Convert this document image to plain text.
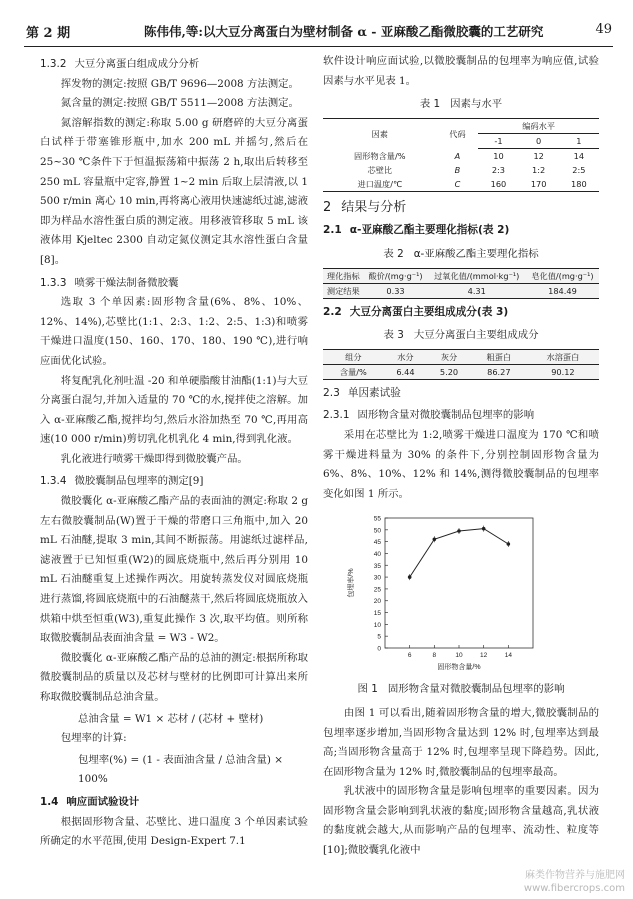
第 2 期	陈伟伟,等:以大豆分离蛋白为壁材制备 α - 亚麻酸乙酯微胶囊的工艺研究	49
1.3.2 大豆分离蛋白组成成分分析

挥发物的测定:按照 GB/T 9696—2008 方法测定。

氮含量的测定:按照 GB/T 5511—2008 方法测定。

氮溶解指数的测定:称取 5.00 g 研磨碎的大豆分离蛋白试样于带塞锥形瓶中,加水 200 mL 并摇匀,然后在 25~30 ℃条件下于恒温振荡箱中振荡 2 h,取出后转移至 250 mL 容量瓶中定容,静置 1~2 min 后取上层清液,以 1 500 r/min 离心 10 min,再将离心液用快速滤纸过滤,滤液即为样品水溶性蛋白质的测定液。用移液管移取 5 mL 该液体用 Kjeltec 2300 自动定氮仪测定其水溶性蛋白含量[8]。

1.3.3 喷雾干燥法制备微胶囊

选取 3 个单因素:固形物含量(6%、8%、10%、12%、14%),芯壁比(1:1、2:3、1:2、2:5、1:3)和喷雾干燥进口温度(150、160、170、180、190 ℃),进行响应面优化试验。

将复配乳化剂吐温 -20 和单硬脂酸甘油酯(1:1)与大豆分离蛋白混匀,并加入适量的 70 ℃的水,搅拌使之溶解。加入 α-亚麻酸乙酯,搅拌均匀,然后水浴加热至 70 ℃,再用高速(10 000 r/min)剪切乳化机乳化 4 min,得到乳化液。

乳化液进行喷雾干燥即得到微胶囊产品。

1.3.4 微胶囊制品包埋率的测定[9]

微胶囊化 α-亚麻酸乙酯产品的表面油的测定:称取 2 g 左右微胶囊制品(W)置于干燥的带磨口三角瓶中,加入 20 mL 石油醚,提取 3 min,其间不断振荡。用滤纸过滤样品,滤液置于已知恒重(W2)的圆底烧瓶中,然后再分别用 10 mL 石油醚重复上述操作两次。用旋转蒸发仪对圆底烧瓶进行蒸馏,将圆底烧瓶中的石油醚蒸干,然后将圆底烧瓶放入烘箱中烘至恒重(W3),重复此操作 3 次,取平均值。则所称取微胶囊制品表面油含量 = W3 - W2。

微胶囊化 α-亚麻酸乙酯产品的总油的测定:根据所称取微胶囊制品的质量以及芯材与壁材的比例即可计算出来所称取微胶囊制品总油含量。

总油含量 = W1 × 芯材 / (芯材 + 壁材)

包埋率的计算:

包埋率(%) = (1 - 表面油含量 / 总油含量) × 100%
1.4 响应面试验设计

根据固形物含量、芯壁比、进口温度 3 个单因素试验所确定的水平范围,使用 Design-Expert 7.1

软件设计响应面试验,以微胶囊制品的包埋率为响应值,试验因素与水平见表 1。

表 1 因素与水平
因素	代码	编码水平		
		-1	0	1
固形物含量/%	A	10	12	14
芯壁比	B	2:3	1:2	2:5
进口温度/℃	C	160	170	180
2 结果与分析
2.1 α-亚麻酸乙酯主要理化指标(表 2)
表 2 α-亚麻酸乙酯主要理化指标
理化指标	酸价/(mg·g⁻¹)	过氧化值/(mmol·kg⁻¹)	皂化值/(mg·g⁻¹)
测定结果	0.33	4.31	184.49
2.2 大豆分离蛋白主要组成成分(表 3)
表 3 大豆分离蛋白主要组成成分
组分	水分	灰分	粗蛋白	水溶蛋白
含量/%	6.44	5.20	86.27	90.12
2.3 单因素试验
2.3.1 固形物含量对微胶囊制品包埋率的影响

采用在芯壁比为 1:2,喷雾干燥进口温度为 170 ℃和喷雾干燥进料量为 30% 的条件下,分别控制固形物含量为 6%、8%、10%、12% 和 14%,测得微胶囊制品的包埋率变化如图 1 所示。

0
5
10
15
20
25
30
35
40
45
50
55
6	8	10	12	14
固形物含量/%
包埋率/%
图 1 固形物含量对微胶囊制品包埋率的影响

由图 1 可以看出,随着固形物含量的增大,微胶囊制品的包埋率逐步增加,当固形物含量达到 12% 时,包埋率达到最高;当固形物含量高于 12% 时,包埋率呈现下降趋势。因此,在固形物含量为 12% 时,微胶囊制品的包埋率最高。

乳状液中的固形物含量是影响包埋率的重要因素。因为固形物含量会影响到乳状液的黏度;固形物含量越高,乳状液的黏度就会越大,从而影响产品的包埋率、流动性、粒度等[10];微胶囊乳化液中

麻类作物营养与施肥网
www.fibercrops.com
